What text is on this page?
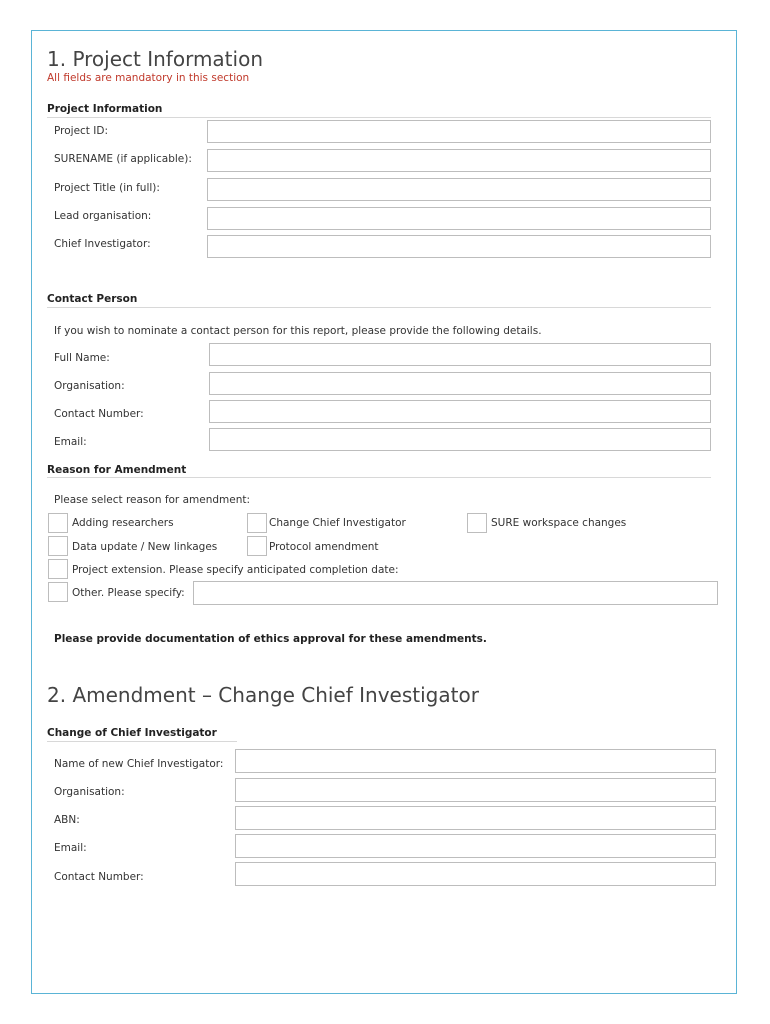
1. Project Information
All fields are mandatory in this section
Project Information
Project ID:
SURENAME (if applicable):
Project Title (in full):
Lead organisation:
Chief Investigator:
Contact Person
If you wish to nominate a contact person for this report, please provide the following details.
Full Name:
Organisation:
Contact Number:
Email:
Reason for Amendment
Please select reason for amendment:
Adding researchers	Change Chief Investigator	SURE workspace changes
Data update / New linkages	Protocol amendment
Project extension. Please specify anticipated completion date:
Other. Please specify:
Please provide documentation of ethics approval for these amendments.
2. Amendment – Change Chief Investigator
Change of Chief Investigator
Name of new Chief Investigator:
Organisation:
ABN:
Email:
Contact Number:
